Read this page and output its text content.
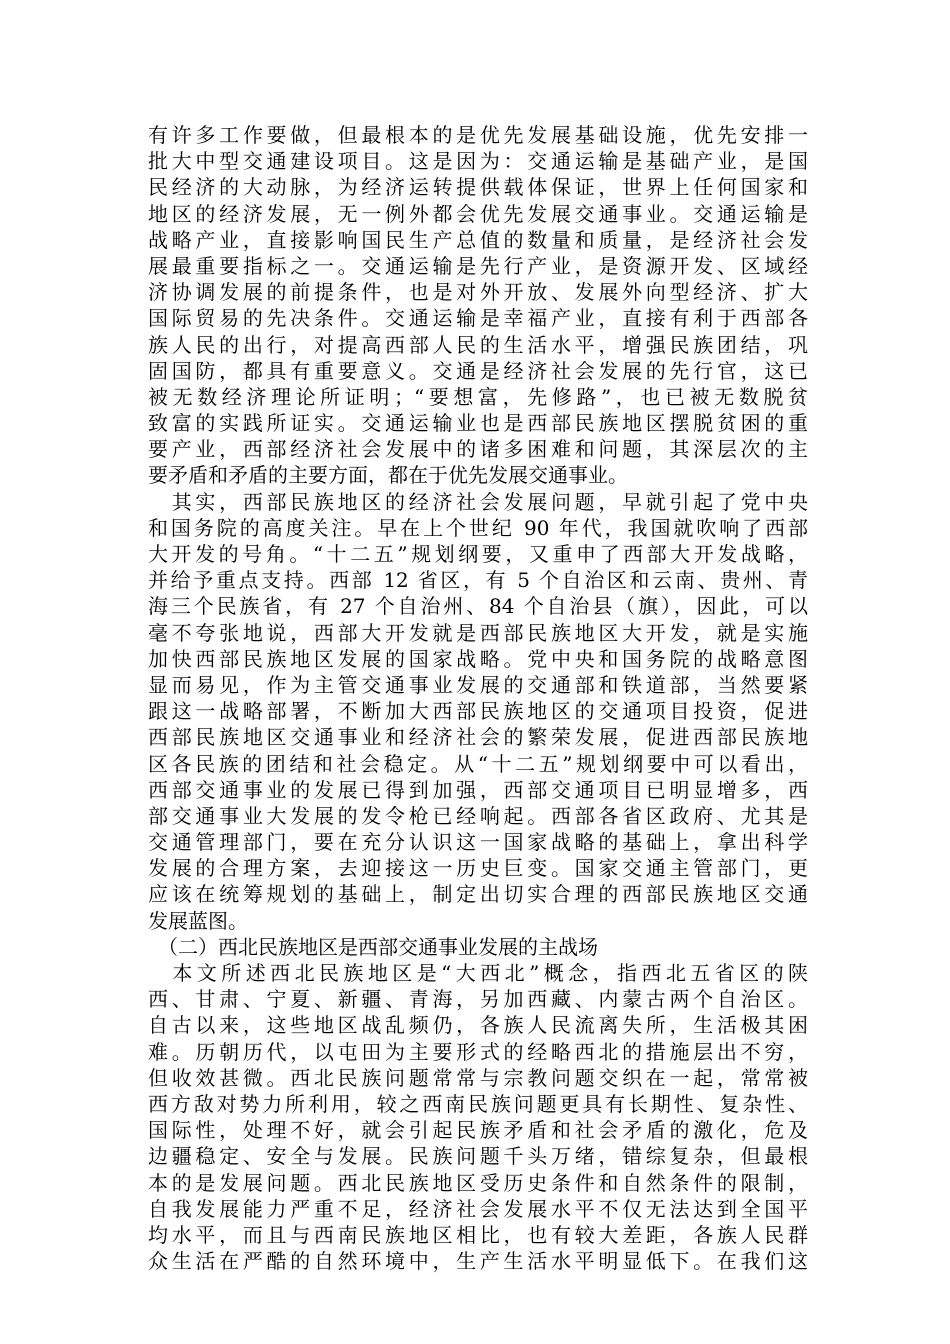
有许多工作要做，但最根本的是优先发展基础设施，优先安排一
批大中型交通建设项目。这是因为：交通运输是基础产业，是国
民经济的大动脉，为经济运转提供载体保证，世界上任何国家和
地区的经济发展，无一例外都会优先发展交通事业。交通运输是
战略产业，直接影响国民生产总值的数量和质量，是经济社会发
展最重要指标之一。交通运输是先行产业，是资源开发、区域经
济协调发展的前提条件，也是对外开放、发展外向型经济、扩大
国际贸易的先决条件。交通运输是幸福产业，直接有利于西部各
族人民的出行，对提高西部人民的生活水平，增强民族团结，巩
固国防，都具有重要意义。交通是经济社会发展的先行官，这已
被无数经济理论所证明；“要想富，先修路”，也已被无数脱贫
致富的实践所证实。交通运输业也是西部民族地区摆脱贫困的重
要产业，西部经济社会发展中的诸多困难和问题，其深层次的主
要矛盾和矛盾的主要方面，都在于优先发展交通事业。
　其实，西部民族地区的经济社会发展问题，早就引起了党中央
和国务院的高度关注。早在上个世纪 90 年代，我国就吹响了西部
大开发的号角。“十二五”规划纲要，又重申了西部大开发战略，
并给予重点支持。西部 12 省区，有 5 个自治区和云南、贵州、青
海三个民族省，有 27 个自治州、84 个自治县（旗），因此，可以
毫不夸张地说，西部大开发就是西部民族地区大开发，就是实施
加快西部民族地区发展的国家战略。党中央和国务院的战略意图
显而易见，作为主管交通事业发展的交通部和铁道部，当然要紧
跟这一战略部署，不断加大西部民族地区的交通项目投资，促进
西部民族地区交通事业和经济社会的繁荣发展，促进西部民族地
区各民族的团结和社会稳定。从“十二五”规划纲要中可以看出，
西部交通事业的发展已得到加强，西部交通项目已明显增多，西
部交通事业大发展的发令枪已经响起。西部各省区政府、尤其是
交通管理部门，要在充分认识这一国家战略的基础上，拿出科学
发展的合理方案，去迎接这一历史巨变。国家交通主管部门，更
应该在统筹规划的基础上，制定出切实合理的西部民族地区交通
发展蓝图。
　（二）西北民族地区是西部交通事业发展的主战场
　本文所述西北民族地区是“大西北”概念，指西北五省区的陕
西、甘肃、宁夏、新疆、青海，另加西藏、内蒙古两个自治区。
自古以来，这些地区战乱频仍，各族人民流离失所，生活极其困
难。历朝历代，以屯田为主要形式的经略西北的措施层出不穷，
但收效甚微。西北民族问题常常与宗教问题交织在一起，常常被
西方敌对势力所利用，较之西南民族问题更具有长期性、复杂性、
国际性，处理不好，就会引起民族矛盾和社会矛盾的激化，危及
边疆稳定、安全与发展。民族问题千头万绪，错综复杂，但最根
本的是发展问题。西北民族地区受历史条件和自然条件的限制，
自我发展能力严重不足，经济社会发展水平不仅无法达到全国平
均水平，而且与西南民族地区相比，也有较大差距，各族人民群
众生活在严酷的自然环境中，生产生活水平明显低下。在我们这
